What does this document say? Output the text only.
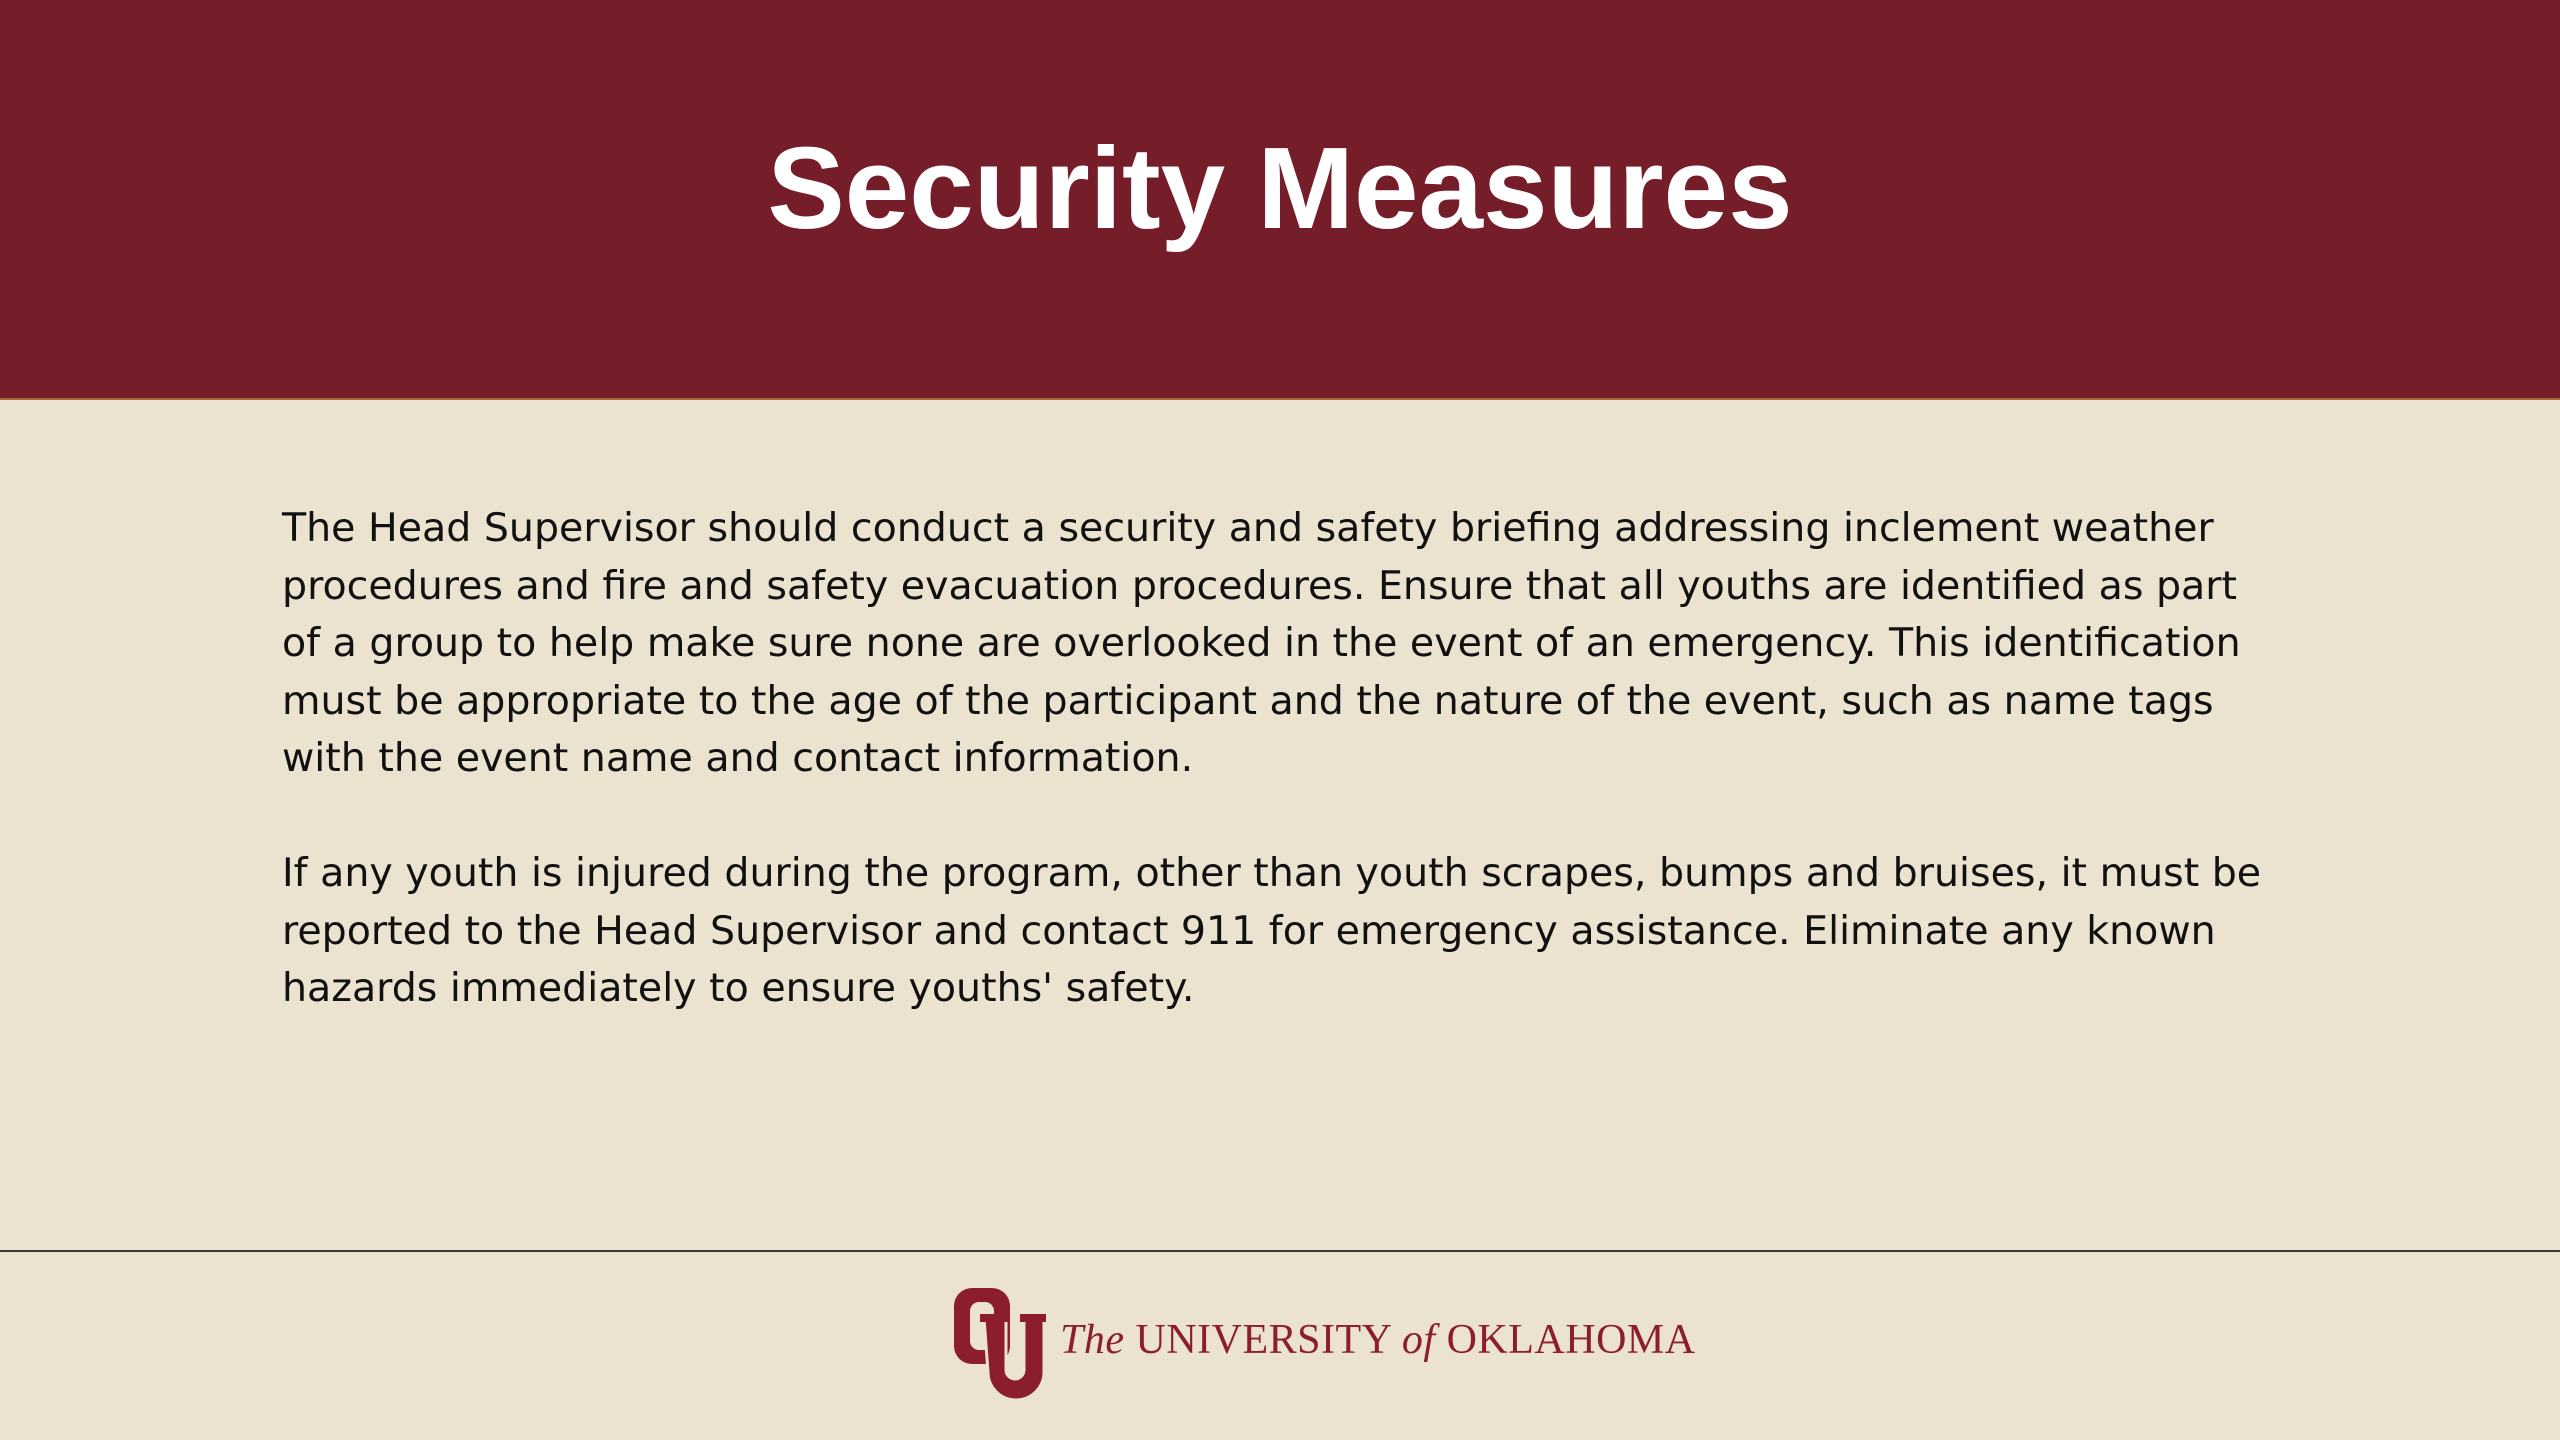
Security Measures

The Head Supervisor should conduct a security and safety briefing addressing inclement weather procedures and fire and safety evacuation procedures. Ensure that all youths are identified as part of a group to help make sure none are overlooked in the event of an emergency. This identification must be appropriate to the age of the participant and the nature of the event, such as name tags with the event name and contact information.

If any youth is injured during the program, other than youth scrapes, bumps and bruises, it must be reported to the Head Supervisor and contact 911 for emergency assistance. Eliminate any known hazards immediately to ensure youths' safety.

The UNIVERSITY of OKLAHOMA
